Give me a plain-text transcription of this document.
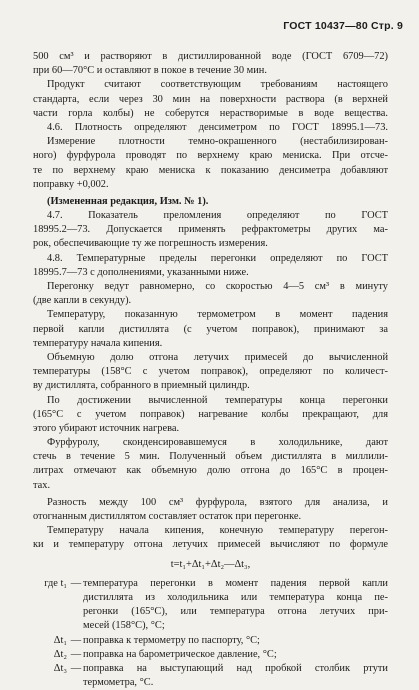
ГОСТ 10437—80 Стр. 9
500 см³ и растворяют в дистиллированной воде (ГОСТ 6709—72)
при 60—70°С и оставляют в покое в течение 30 мин.
Продукт считают соответствующим требованиям настоящего
стандарта, если через 30 мин на поверхности раствора (в верхней
части горла колбы) не соберутся нерастворимые в воде вещества.
4.6. Плотность определяют денсиметром по ГОСТ 18995.1—73.
Измерение плотности темно-окрашенного (нестабилизирован-
ного) фурфурола проводят по верхнему краю мениска. При отсче-
те по верхнему краю мениска к показанию денсиметра добавляют
поправку +0,002.
(Измененная редакция, Изм. № 1).
4.7. Показатель преломления определяют по ГОСТ
18995.2—73. Допускается применять рефрактометры других ма-
рок, обеспечивающие ту же погрешность измерения.
4.8. Температурные пределы перегонки определяют по ГОСТ
18995.7—73 с дополнениями, указанными ниже.
Перегонку ведут равномерно, со скоростью 4—5 см³ в минуту
(две капли в секунду).
Температуру, показанную термометром в момент падения
первой капли дистиллята (с учетом поправок), принимают за
температуру начала кипения.
Объемную долю отгона летучих примесей до вычисленной
температуры (158°С с учетом поправок), определяют по количест-
ву дистиллята, собранного в приемный цилиндр.
По достижении вычисленной температуры конца перегонки
(165°С с учетом поправок) нагревание колбы прекращают, для
этого убирают источник нагрева.
Фурфуролу, сконденсировавшемуся в холодильнике, дают
стечь в течение 5 мин. Полученный объем дистиллята в миллили-
литрах отмечают как объемную долю отгона до 165°С в процен-
тах.
Разность между 100 см³ фурфурола, взятого для анализа, и
отогнанным дистиллятом составляет остаток при перегонке.
Температуру начала кипения, конечную температуру перегон-
ки и температуру отгона летучих примесей вычисляют по формуле
t=t₁+Δt₁+Δt₂—Δt₃,
где t₁ — температура перегонки в момент падения первой капли
дистиллята из холодильника или температура конца пе-
регонки (165°С), или температура отгона летучих при-
месей (158°С), °С;
Δt₁ — поправка к термометру по паспорту, °С;
Δt₂ — поправка на барометрическое давление, °С;
Δt₃ — поправка на выступающий над пробкой столбик ртути
термометра, °С.
